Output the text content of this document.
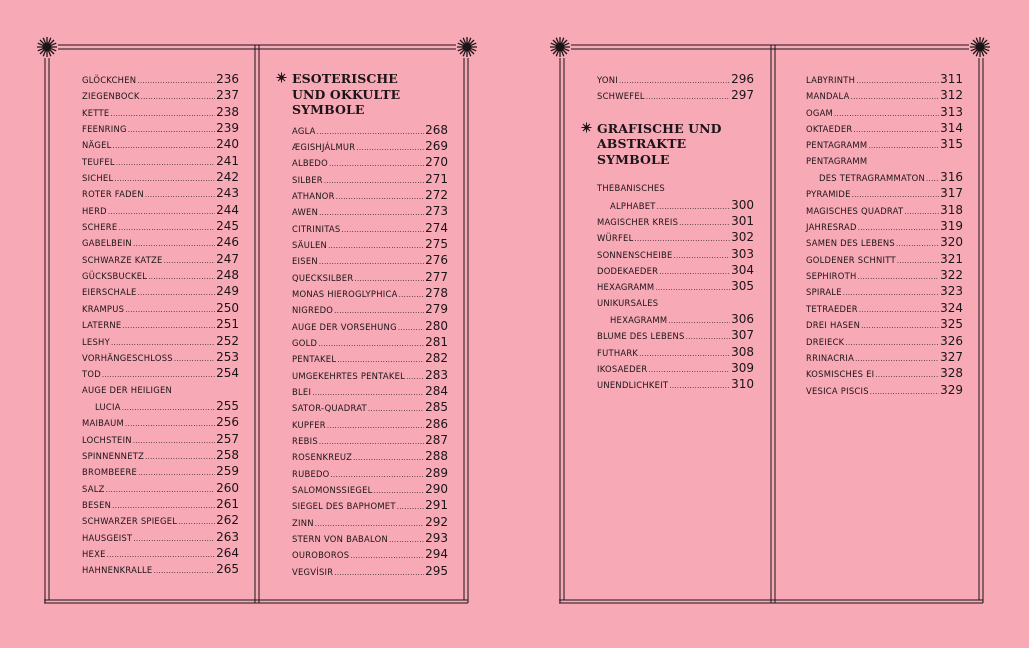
GLÖCKCHEN .....	236
ZIEGENBOCK .....	237
KETTE .....	238
FEENRING .....	239
NÄGEL .....	240
TEUFEL .....	241
SICHEL .....	242
ROTER FADEN .....	243
HERD .....	244
SCHERE .....	245
GABELBEIN .....	246
SCHWARZE KATZE .....	247
GÜCKSBUCKEL .....	248
EIERSCHALE .....	249
KRAMPUS .....	250
LATERNE .....	251
LESHY .....	252
VORHÄNGESCHLOSS .....	253
TOD .....	254
AUGE DER HEILIGEN
LUCIA .....	255
MAIBAUM .....	256
LOCHSTEIN .....	257
SPINNENNETZ .....	258
BROMBEERE .....	259
SALZ .....	260
BESEN .....	261
SCHWARZER SPIEGEL .....	262
HAUSGEIST .....	263
HEXE .....	264
HAHNENKRALLE .....	265
ESOTERISCHE
UND OKKULTE
SYMBOLE
AGLA .....	268
ÆGISHJÁLMUR .....	269
ALBEDO .....	270
SILBER .....	271
ATHANOR .....	272
AWEN .....	273
CITRINITAS .....	274
SÄULEN .....	275
EISEN .....	276
QUECKSILBER .....	277
MONAS HIEROGLYPHICA ..... 278
NIGREDO .....	279
AUGE DER VORSEHUNG ..... 280
GOLD .....	281
PENTAKEL .....	282
UMGEKEHRTES PENTAKEL ..... 283
BLEI .....	284
SATOR-QUADRAT .....	285
KUPFER .....	286
REBIS .....	287
ROSENKREUZ .....	288
RUBEDO .....	289
SALOMONSSIEGEL .....	290
SIEGEL DES BAPHOMET ..... 291
ZINN .....	292
STERN VON BABALON .....	293
OUROBOROS .....	294
VEGVÍSIR .....	295
YONI .....	296
SCHWEFEL .....	297
GRAFISCHE UND
ABSTRAKTE
SYMBOLE
THEBANISCHES
ALPHABET .....	300
MAGISCHER KREIS .....	301
WÜRFEL .....	302
SONNENSCHEIBE .....	303
DODEKAEDER .....	304
HEXAGRAMM .....	305
UNIKURSALES
HEXAGRAMM .....	306
BLUME DES LEBENS .....	307
FUTHARK .....	308
IKOSAEDER .....	309
UNENDLICHKEIT .....	310
LABYRINTH .....	311
MANDALA .....	312
OGAM .....	313
OKTAEDER .....	314
PENTAGRAMM .....	315
PENTAGRAMM
DES TETRAGRAMMATON ..... 316
PYRAMIDE .....	317
MAGISCHES QUADRAT .....	318
JAHRESRAD .....	319
SAMEN DES LEBENS .....	320
GOLDENER SCHNITT .....	321
SEPHIROTH .....	322
SPIRALE .....	323
TETRAEDER .....	324
DREI HASEN .....	325
DREIECK .....	326
RRINACRIA .....	327
KOSMISCHES EI .....	328
VESICA PISCIS .....	329
